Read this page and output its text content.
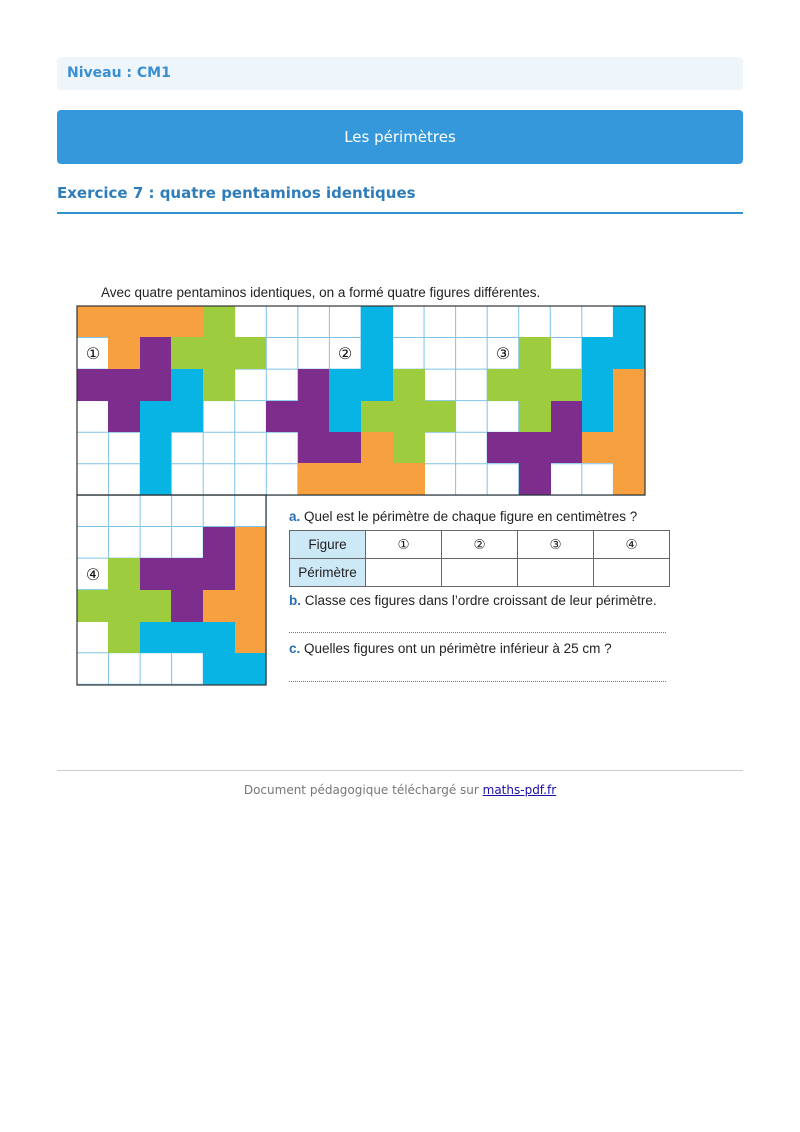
Niveau : CM1
Les périmètres
Exercice 7 : quatre pentaminos identiques
Avec quatre pentaminos identiques, on a formé quatre figures différentes.
①	②	③
④
a. Quel est le périmètre de chaque figure en centimètres ?
Figure	①	②	③	④
Périmètre				
b. Classe ces figures dans l’ordre croissant de leur périmètre.
c. Quelles figures ont un périmètre inférieur à 25 cm ?
Document pédagogique téléchargé sur maths-pdf.fr
